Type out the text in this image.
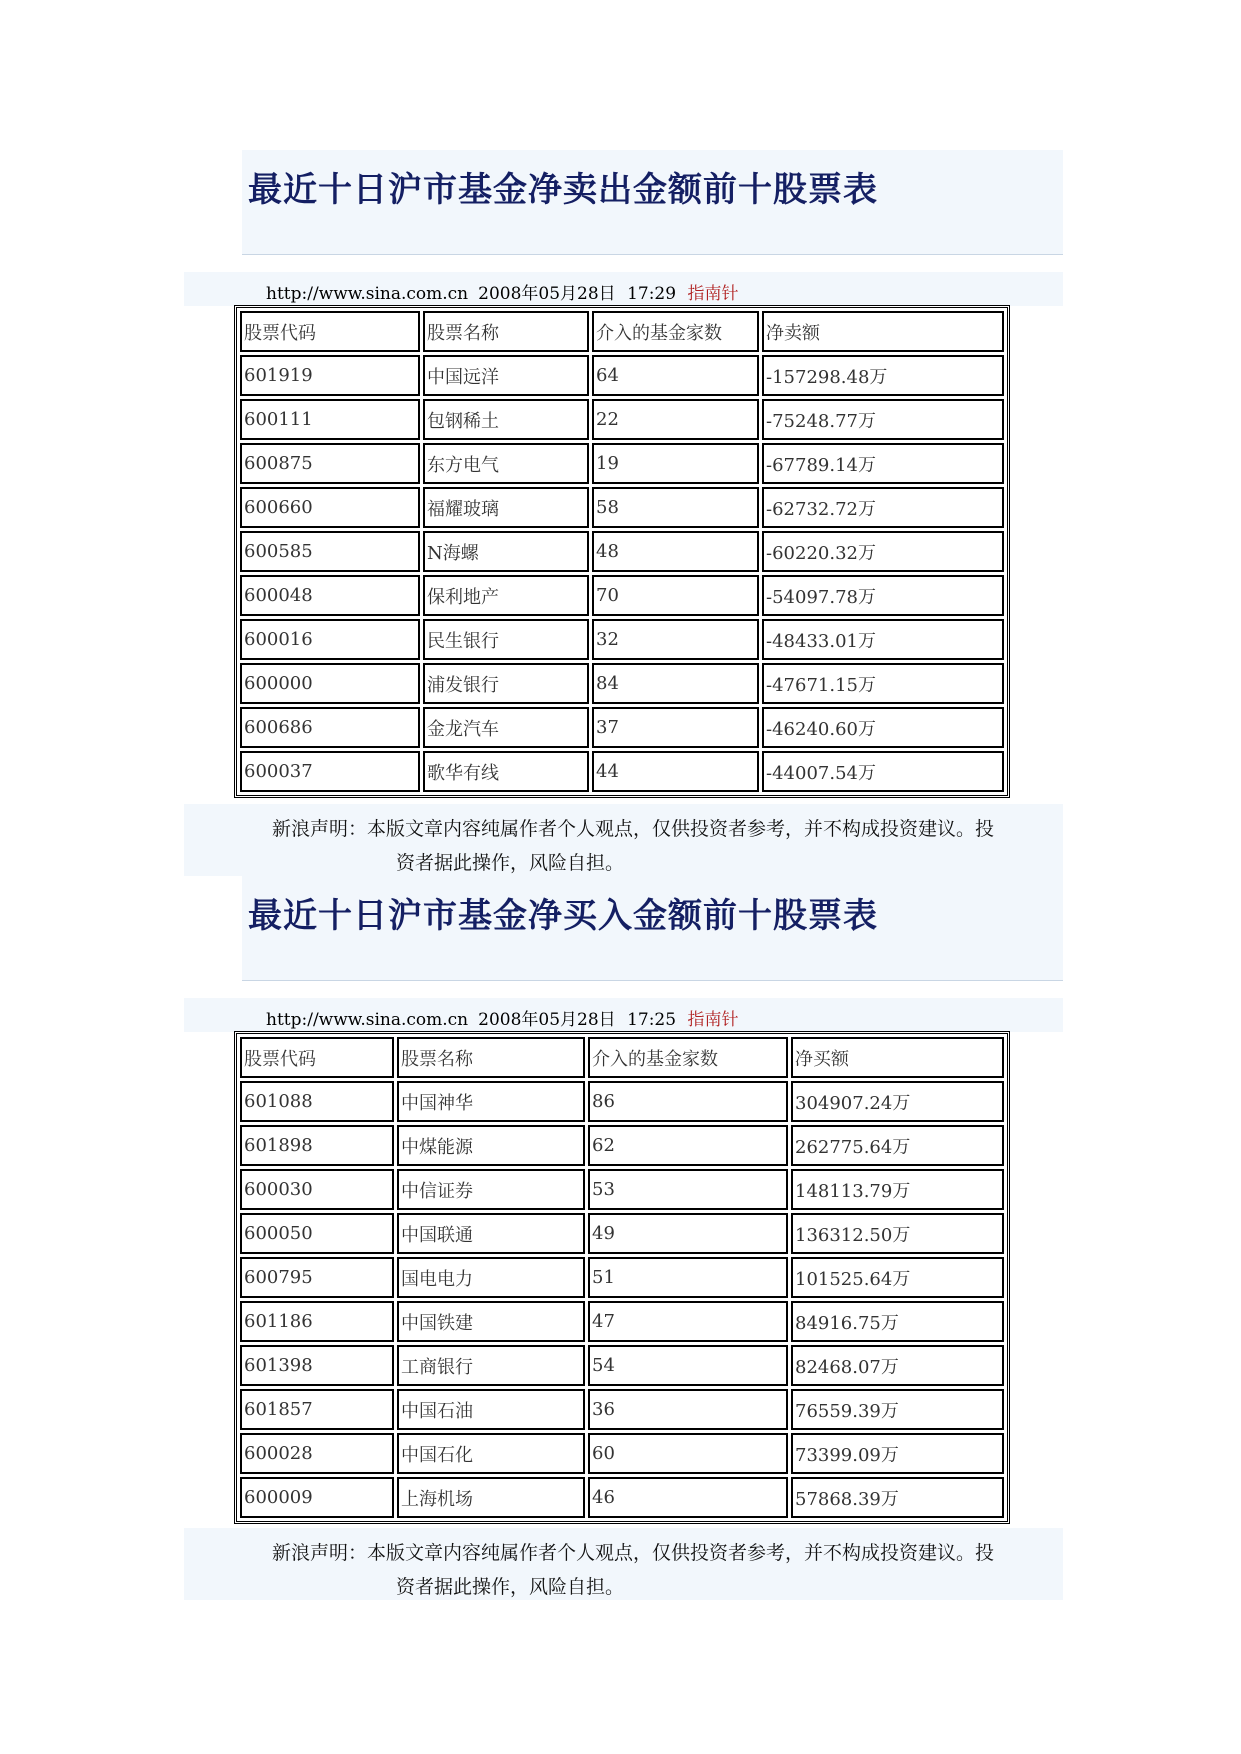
最近十日沪市基金净卖出金额前十股票表
http://www.sina.com.cn 2008年05月28日 17:29 指南针
股票代码	股票名称	介入的基金家数	净卖额
601919	中国远洋	64	-157298.48万
600111	包钢稀土	22	-75248.77万
600875	东方电气	19	-67789.14万
600660	福耀玻璃	58	-62732.72万
600585	N海螺	48	-60220.32万
600048	保利地产	70	-54097.78万
600016	民生银行	32	-48433.01万
600000	浦发银行	84	-47671.15万
600686	金龙汽车	37	-46240.60万
600037	歌华有线	44	-44007.54万
新浪声明：本版文章内容纯属作者个人观点，仅供投资者参考，并不构成投资建议。投
资者据此操作，风险自担。
最近十日沪市基金净买入金额前十股票表
http://www.sina.com.cn 2008年05月28日 17:25 指南针
股票代码	股票名称	介入的基金家数	净买额
601088	中国神华	86	304907.24万
601898	中煤能源	62	262775.64万
600030	中信证券	53	148113.79万
600050	中国联通	49	136312.50万
600795	国电电力	51	101525.64万
601186	中国铁建	47	84916.75万
601398	工商银行	54	82468.07万
601857	中国石油	36	76559.39万
600028	中国石化	60	73399.09万
600009	上海机场	46	57868.39万
新浪声明：本版文章内容纯属作者个人观点，仅供投资者参考，并不构成投资建议。投
资者据此操作，风险自担。
